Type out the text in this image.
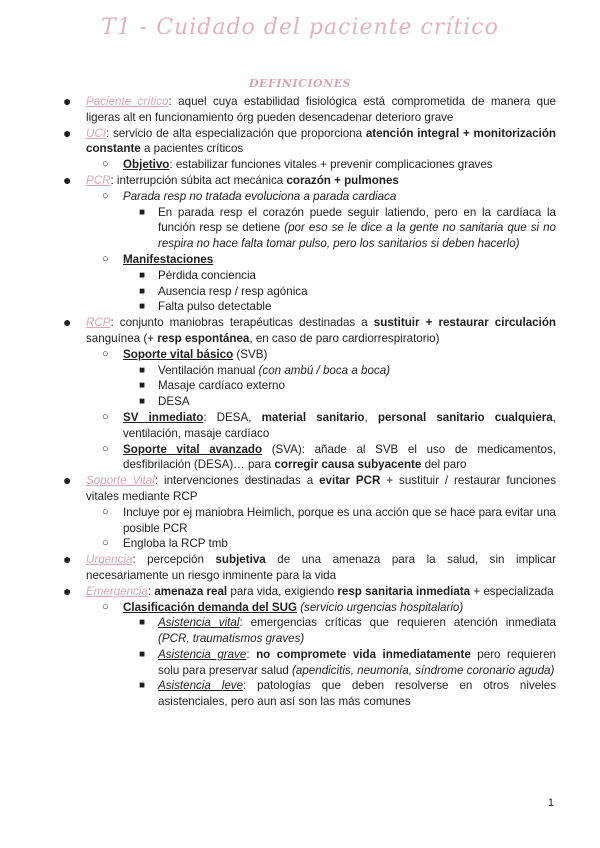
T1 - Cuidado del paciente crítico
DEFINICIONES
● Paciente crítico: aquel cuya estabilidad fisiológica está comprometida de manera que ligeras alt en funcionamiento órg pueden desencadenar deterioro grave
● UCI: servicio de alta especialización que proporciona atención integral + monitorización constante a pacientes críticos
○ Objetivo: estabilizar funciones vitales + prevenir complicaciones graves
● PCR: interrupción súbita act mecánica corazón + pulmones
○ Parada resp no tratada evoluciona a parada cardiaca
■ En parada resp el corazón puede seguir latiendo, pero en la cardíaca la función resp se detiene (por eso se le dice a la gente no sanitaria que si no respira no hace falta tomar pulso, pero los sanitarios si deben hacerlo)
○ Manifestaciones
■ Pérdida conciencia
■ Ausencia resp / resp agónica
■ Falta pulso detectable
● RCP: conjunto maniobras terapéuticas destinadas a sustituir + restaurar circulación sanguínea (+ resp espontánea, en caso de paro cardiorrespiratorio)
○ Soporte vital básico (SVB)
■ Ventilación manual (con ambú / boca a boca)
■ Masaje cardíaco externo
■ DESA
○ SV inmediato: DESA, material sanitario, personal sanitario cualquiera, ventilación, masaje cardíaco
○ Soporte vital avanzado (SVA): añade al SVB el uso de medicamentos, desfibrilación (DESA)… para corregir causa subyacente del paro
● Soporte Vital: intervenciones destinadas a evitar PCR + sustituir / restaurar funciones vitales mediante RCP
○ Incluye por ej maniobra Heimlich, porque es una acción que se hace para evitar una posible PCR
○ Engloba la RCP tmb
● Urgencia: percepción subjetiva de una amenaza para la salud, sin implicar necesariamente un riesgo inminente para la vida
● Emergencia: amenaza real para vida, exigiendo resp sanitaria inmediata + especializada
○ Clasificación demanda del SUG (servicio urgencias hospitalario)
■ Asistencia vital: emergencias críticas que requieren atención inmediata (PCR, traumatismos graves)
■ Asistencia grave: no compromete vida inmediatamente pero requieren solu para preservar salud (apendicitis, neumonía, síndrome coronario aguda)
■ Asistencia leve: patologías que deben resolverse en otros niveles asistenciales, pero aun así son las más comunes
1
